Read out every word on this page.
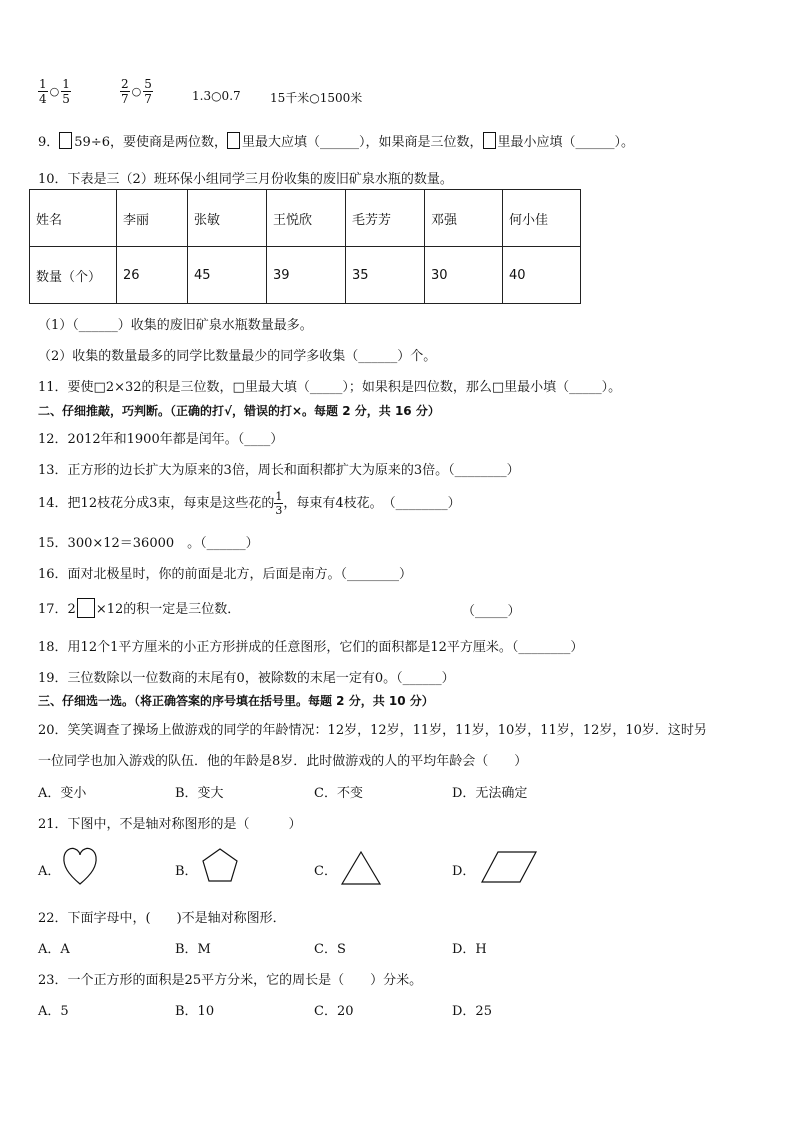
$\frac{1}{4}$ ○ $\frac{1}{5}$	$\frac{2}{7}$ ○ $\frac{5}{7}$	1.3○0.7 15千米○1500米
9． 59÷6，要使商是两位数， 里最大应填（______），如果商是三位数， 里最小应填（______）。
10．下表是三（2）班环保小组同学三月份收集的废旧矿泉水瓶的数量。
姓名	李丽	张敏	王悦欣	毛芳芳	邓强	何小佳
数量（个）	26	45	39	35	30	40
（1）（______）收集的废旧矿泉水瓶数量最多。
（2）收集的数量最多的同学比数量最少的同学多收集（______）个。
11．要使□2×32的积是三位数，□里最大填（_____）；如果积是四位数，那么□里最小填（_____）。
二、仔细推敲，巧判断。（正确的打√，错误的打×。每题 2 分，共 16 分）
12．2012年和1900年都是闰年。（____）
13．正方形的边长扩大为原来的3倍，周长和面积都扩大为原来的3倍。（________）
14．把12枝花分成3束，每束是这些花的 $\frac{1}{3}$ ，每束有4枝花。　（________）
15．300×12＝36000　。（______）
16．面对北极星时，你的前面是北方，后面是南方。（________）
17．2 ×12的积一定是三位数．	（_____）
18．用12个1平方厘米的小正方形拼成的任意图形，它们的面积都是12平方厘米。（________）
19．三位数除以一位数商的末尾有0，被除数的末尾一定有0。（______）
三、仔细选一选。（将正确答案的序号填在括号里。每题 2 分，共 10 分）
20．笑笑调查了操场上做游戏的同学的年龄情况：12岁，12岁，11岁，11岁，10岁，11岁，12岁，10岁．这时另
一位同学也加入游戏的队伍．他的年龄是8岁．此时做游戏的人的平均年龄会（　　）
A．变小	B．变大	C．不变	D．无法确定
21．下图中，不是轴对称图形的是（　　　）
A．	B．	C．	D．
22．下面字母中，(　　)不是轴对称图形．
A．A	B．M	C．S	D．H
23．一个正方形的面积是25平方分米，它的周长是（　　）分米。
A．5	B．10	C．20	D．25
